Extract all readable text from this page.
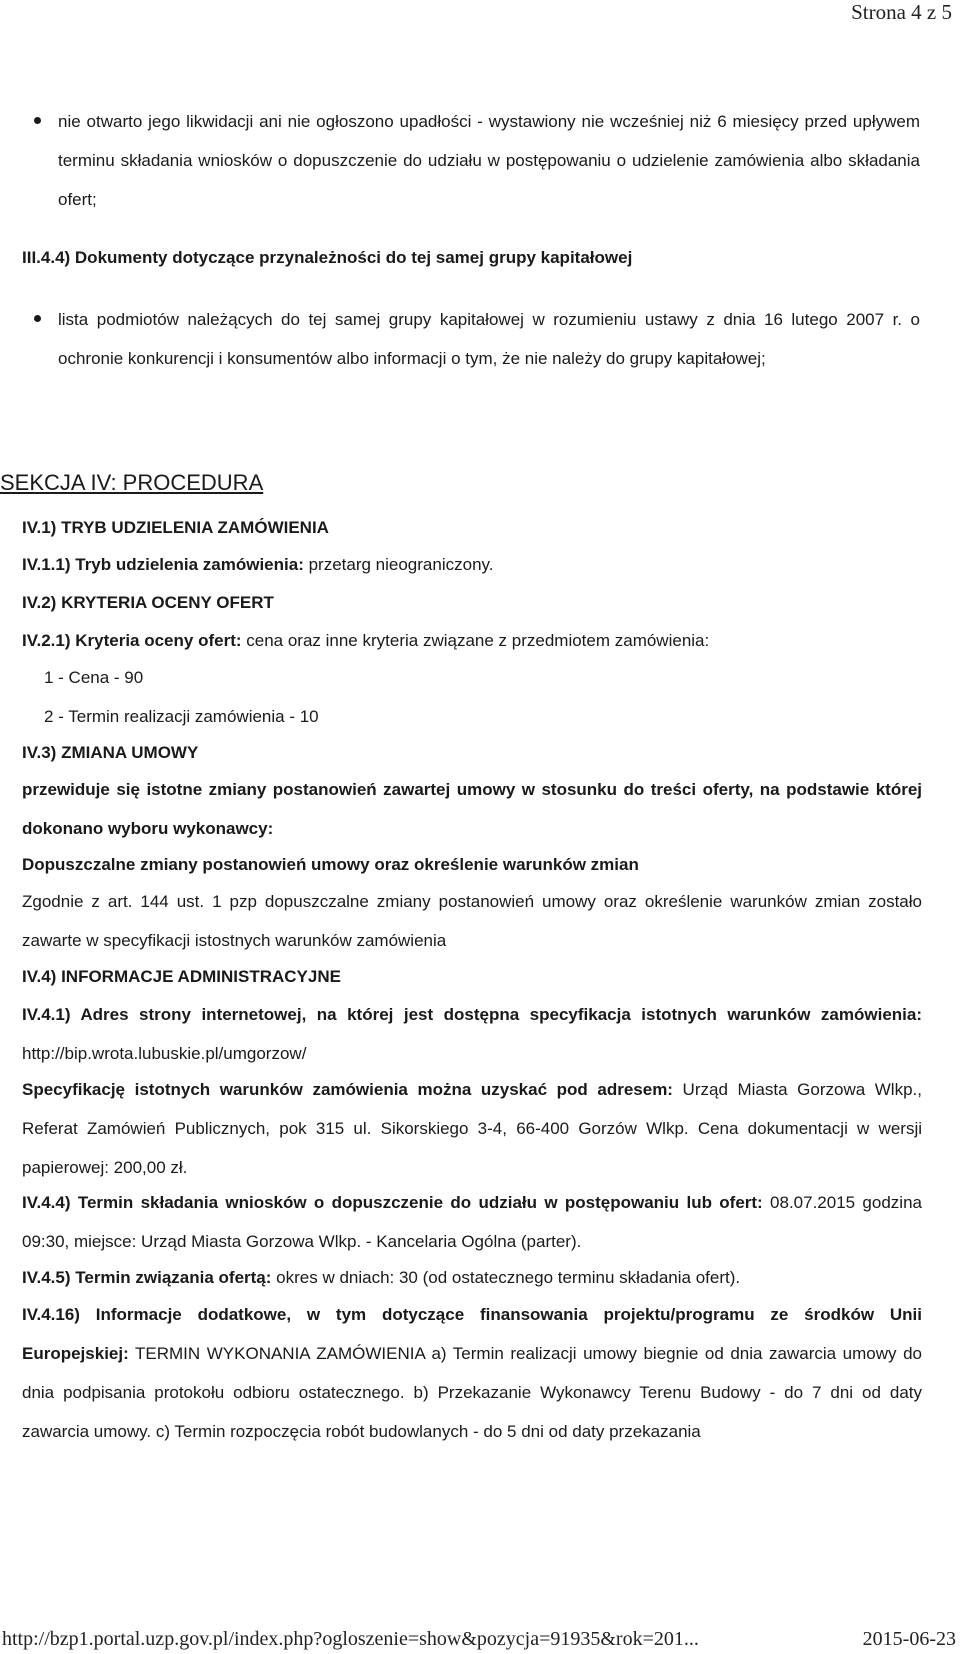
Strona 4 z 5
nie otwarto jego likwidacji ani nie ogłoszono upadłości - wystawiony nie wcześniej niż 6 miesięcy przed upływem terminu składania wniosków o dopuszczenie do udziału w postępowaniu o udzielenie zamówienia albo składania ofert;
III.4.4) Dokumenty dotyczące przynależności do tej samej grupy kapitałowej
lista podmiotów należących do tej samej grupy kapitałowej w rozumieniu ustawy z dnia 16 lutego 2007 r. o ochronie konkurencji i konsumentów albo informacji o tym, że nie należy do grupy kapitałowej;
SEKCJA IV: PROCEDURA
IV.1) TRYB UDZIELENIA ZAMÓWIENIA
IV.1.1) Tryb udzielenia zamówienia: przetarg nieograniczony.
IV.2) KRYTERIA OCENY OFERT
IV.2.1) Kryteria oceny ofert: cena oraz inne kryteria związane z przedmiotem zamówienia:
1 - Cena - 90
2 - Termin realizacji zamówienia - 10
IV.3) ZMIANA UMOWY
przewiduje się istotne zmiany postanowień zawartej umowy w stosunku do treści oferty, na podstawie której dokonano wyboru wykonawcy:
Dopuszczalne zmiany postanowień umowy oraz określenie warunków zmian
Zgodnie z art. 144 ust. 1 pzp dopuszczalne zmiany postanowień umowy oraz określenie warunków zmian zostało zawarte w specyfikacji istostnych warunków zamówienia
IV.4) INFORMACJE ADMINISTRACYJNE
IV.4.1) Adres strony internetowej, na której jest dostępna specyfikacja istotnych warunków zamówienia: http://bip.wrota.lubuskie.pl/umgorzow/
Specyfikację istotnych warunków zamówienia można uzyskać pod adresem: Urząd Miasta Gorzowa Wlkp., Referat Zamówień Publicznych, pok 315 ul. Sikorskiego 3-4, 66-400 Gorzów Wlkp. Cena dokumentacji w wersji papierowej: 200,00 zł.
IV.4.4) Termin składania wniosków o dopuszczenie do udziału w postępowaniu lub ofert: 08.07.2015 godzina 09:30, miejsce: Urząd Miasta Gorzowa Wlkp. - Kancelaria Ogólna (parter).
IV.4.5) Termin związania ofertą: okres w dniach: 30 (od ostatecznego terminu składania ofert).
IV.4.16) Informacje dodatkowe, w tym dotyczące finansowania projektu/programu ze środków Unii Europejskiej: TERMIN WYKONANIA ZAMÓWIENIA a) Termin realizacji umowy biegnie od dnia zawarcia umowy do dnia podpisania protokołu odbioru ostatecznego. b) Przekazanie Wykonawcy Terenu Budowy - do 7 dni od daty zawarcia umowy. c) Termin rozpoczęcia robót budowlanych - do 5 dni od daty przekazania
http://bzp1.portal.uzp.gov.pl/index.php?ogloszenie=show&pozycja=91935&rok=201...	2015-06-23
